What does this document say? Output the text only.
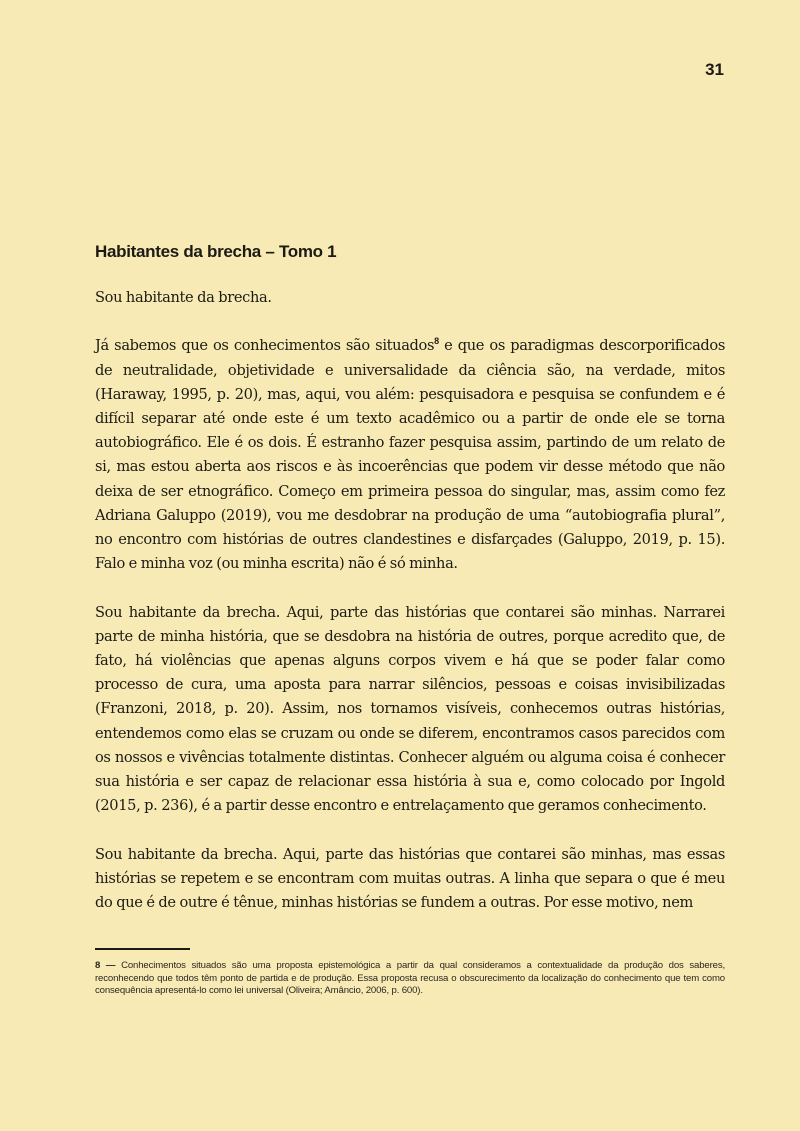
31
Habitantes da brecha – Tomo 1

Sou habitante da brecha.

Já sabemos que os conhecimentos são situados$^8$ e que os paradigmas descorporificados de neutralidade, objetividade e universalidade da ciência são, na verdade, mitos (Haraway, 1995, p. 20), mas, aqui, vou além: pesquisadora e pesquisa se confundem e é difícil separar até onde este é um texto acadêmico ou a partir de onde ele se torna autobiográfico. Ele é os dois. É estranho fazer pesquisa assim, partindo de um relato de si, mas estou aberta aos riscos e às incoerências que podem vir desse método que não deixa de ser etnográfico. Começo em primeira pessoa do singular, mas, assim como fez Adriana Galuppo (2019), vou me desdobrar na produção de uma “autobiografia plural”, no encontro com histórias de outres clandestines e disfarçades (Galuppo, 2019, p. 15). Falo e minha voz (ou minha escrita) não é só minha.

Sou habitante da brecha. Aqui, parte das histórias que contarei são minhas. Narrarei parte de minha história, que se desdobra na história de outres, porque acredito que, de fato, há violências que apenas alguns corpos vivem e há que se poder falar como processo de cura, uma aposta para narrar silêncios, pessoas e coisas invisibilizadas (Franzoni, 2018, p. 20). Assim, nos tornamos visíveis, conhecemos outras histórias, entendemos como elas se cruzam ou onde se diferem, encontramos casos parecidos com os nossos e vivências totalmente distintas. Conhecer alguém ou alguma coisa é conhecer sua história e ser capaz de relacionar essa história à sua e, como colocado por Ingold (2015, p. 236), é a partir desse encontro e entrelaçamento que geramos conhecimento.

Sou habitante da brecha. Aqui, parte das histórias que contarei são minhas, mas essas histórias se repetem e se encontram com muitas outras. A linha que separa o que é meu do que é de outre é tênue, minhas histórias se fundem a outras. Por esse motivo, nem

8 — Conhecimentos situados são uma proposta epistemológica a partir da qual consideramos a contextualidade da produção dos saberes, reconhecendo que todos têm ponto de partida e de produção. Essa proposta recusa o obscurecimento da localização do conhecimento que tem como consequência apresentá-lo como lei universal (Oliveira; Amâncio, 2006, p. 600).
